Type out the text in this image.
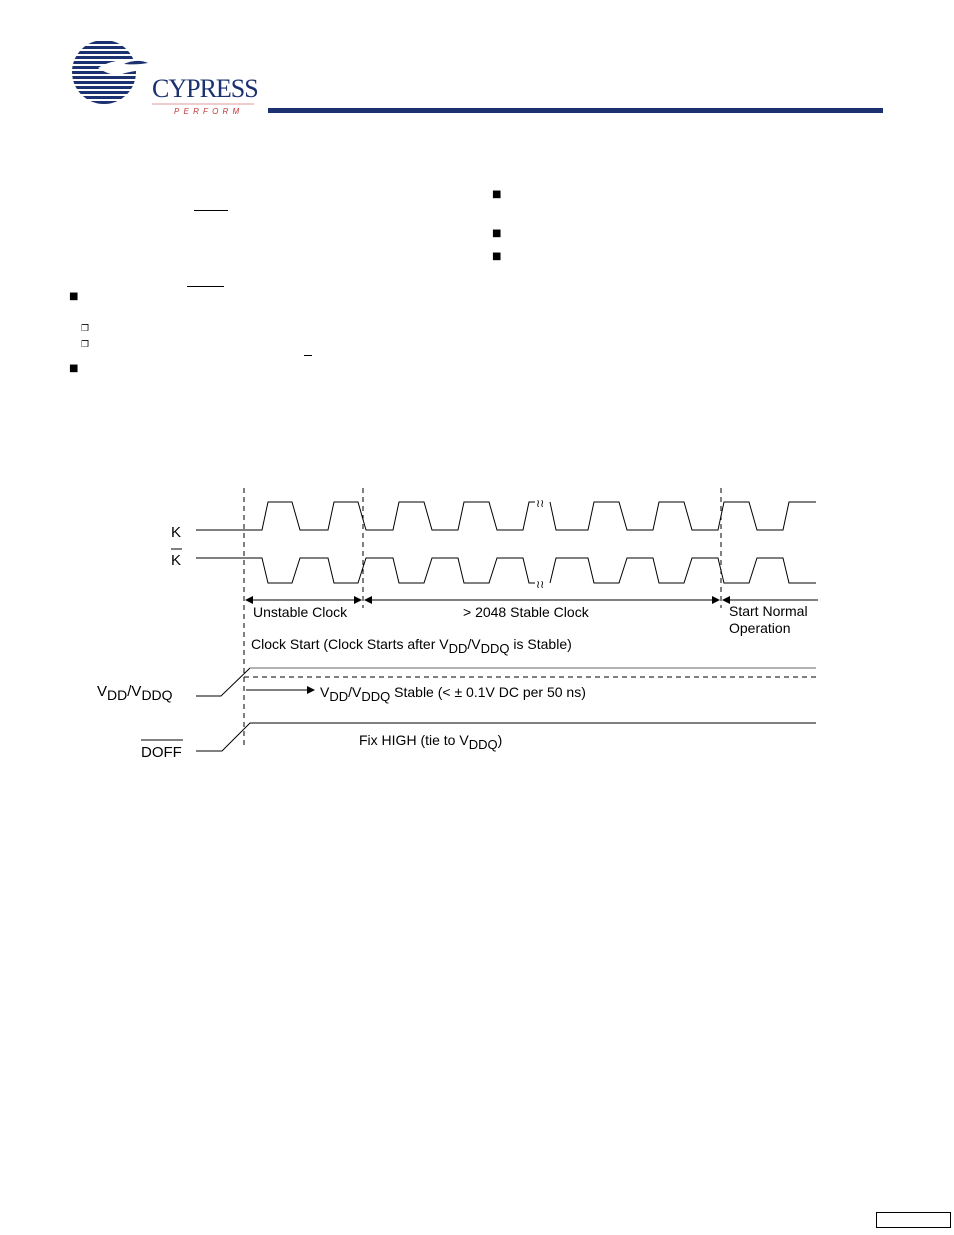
CYPRESS
PERFORM
■
■
■
■
■
❐
❐
≀≀
≀≀
K
K
Unstable Clock	> 2048 Stable Clock	Start Normal
Operation
Clock Start (Clock Starts after VDD/VDDQ is Stable)
VDD/VDDQ	VDD/VDDQ Stable (< ± 0.1V DC per 50 ns)
DOFF
Fix HIGH (tie to VDDQ)
